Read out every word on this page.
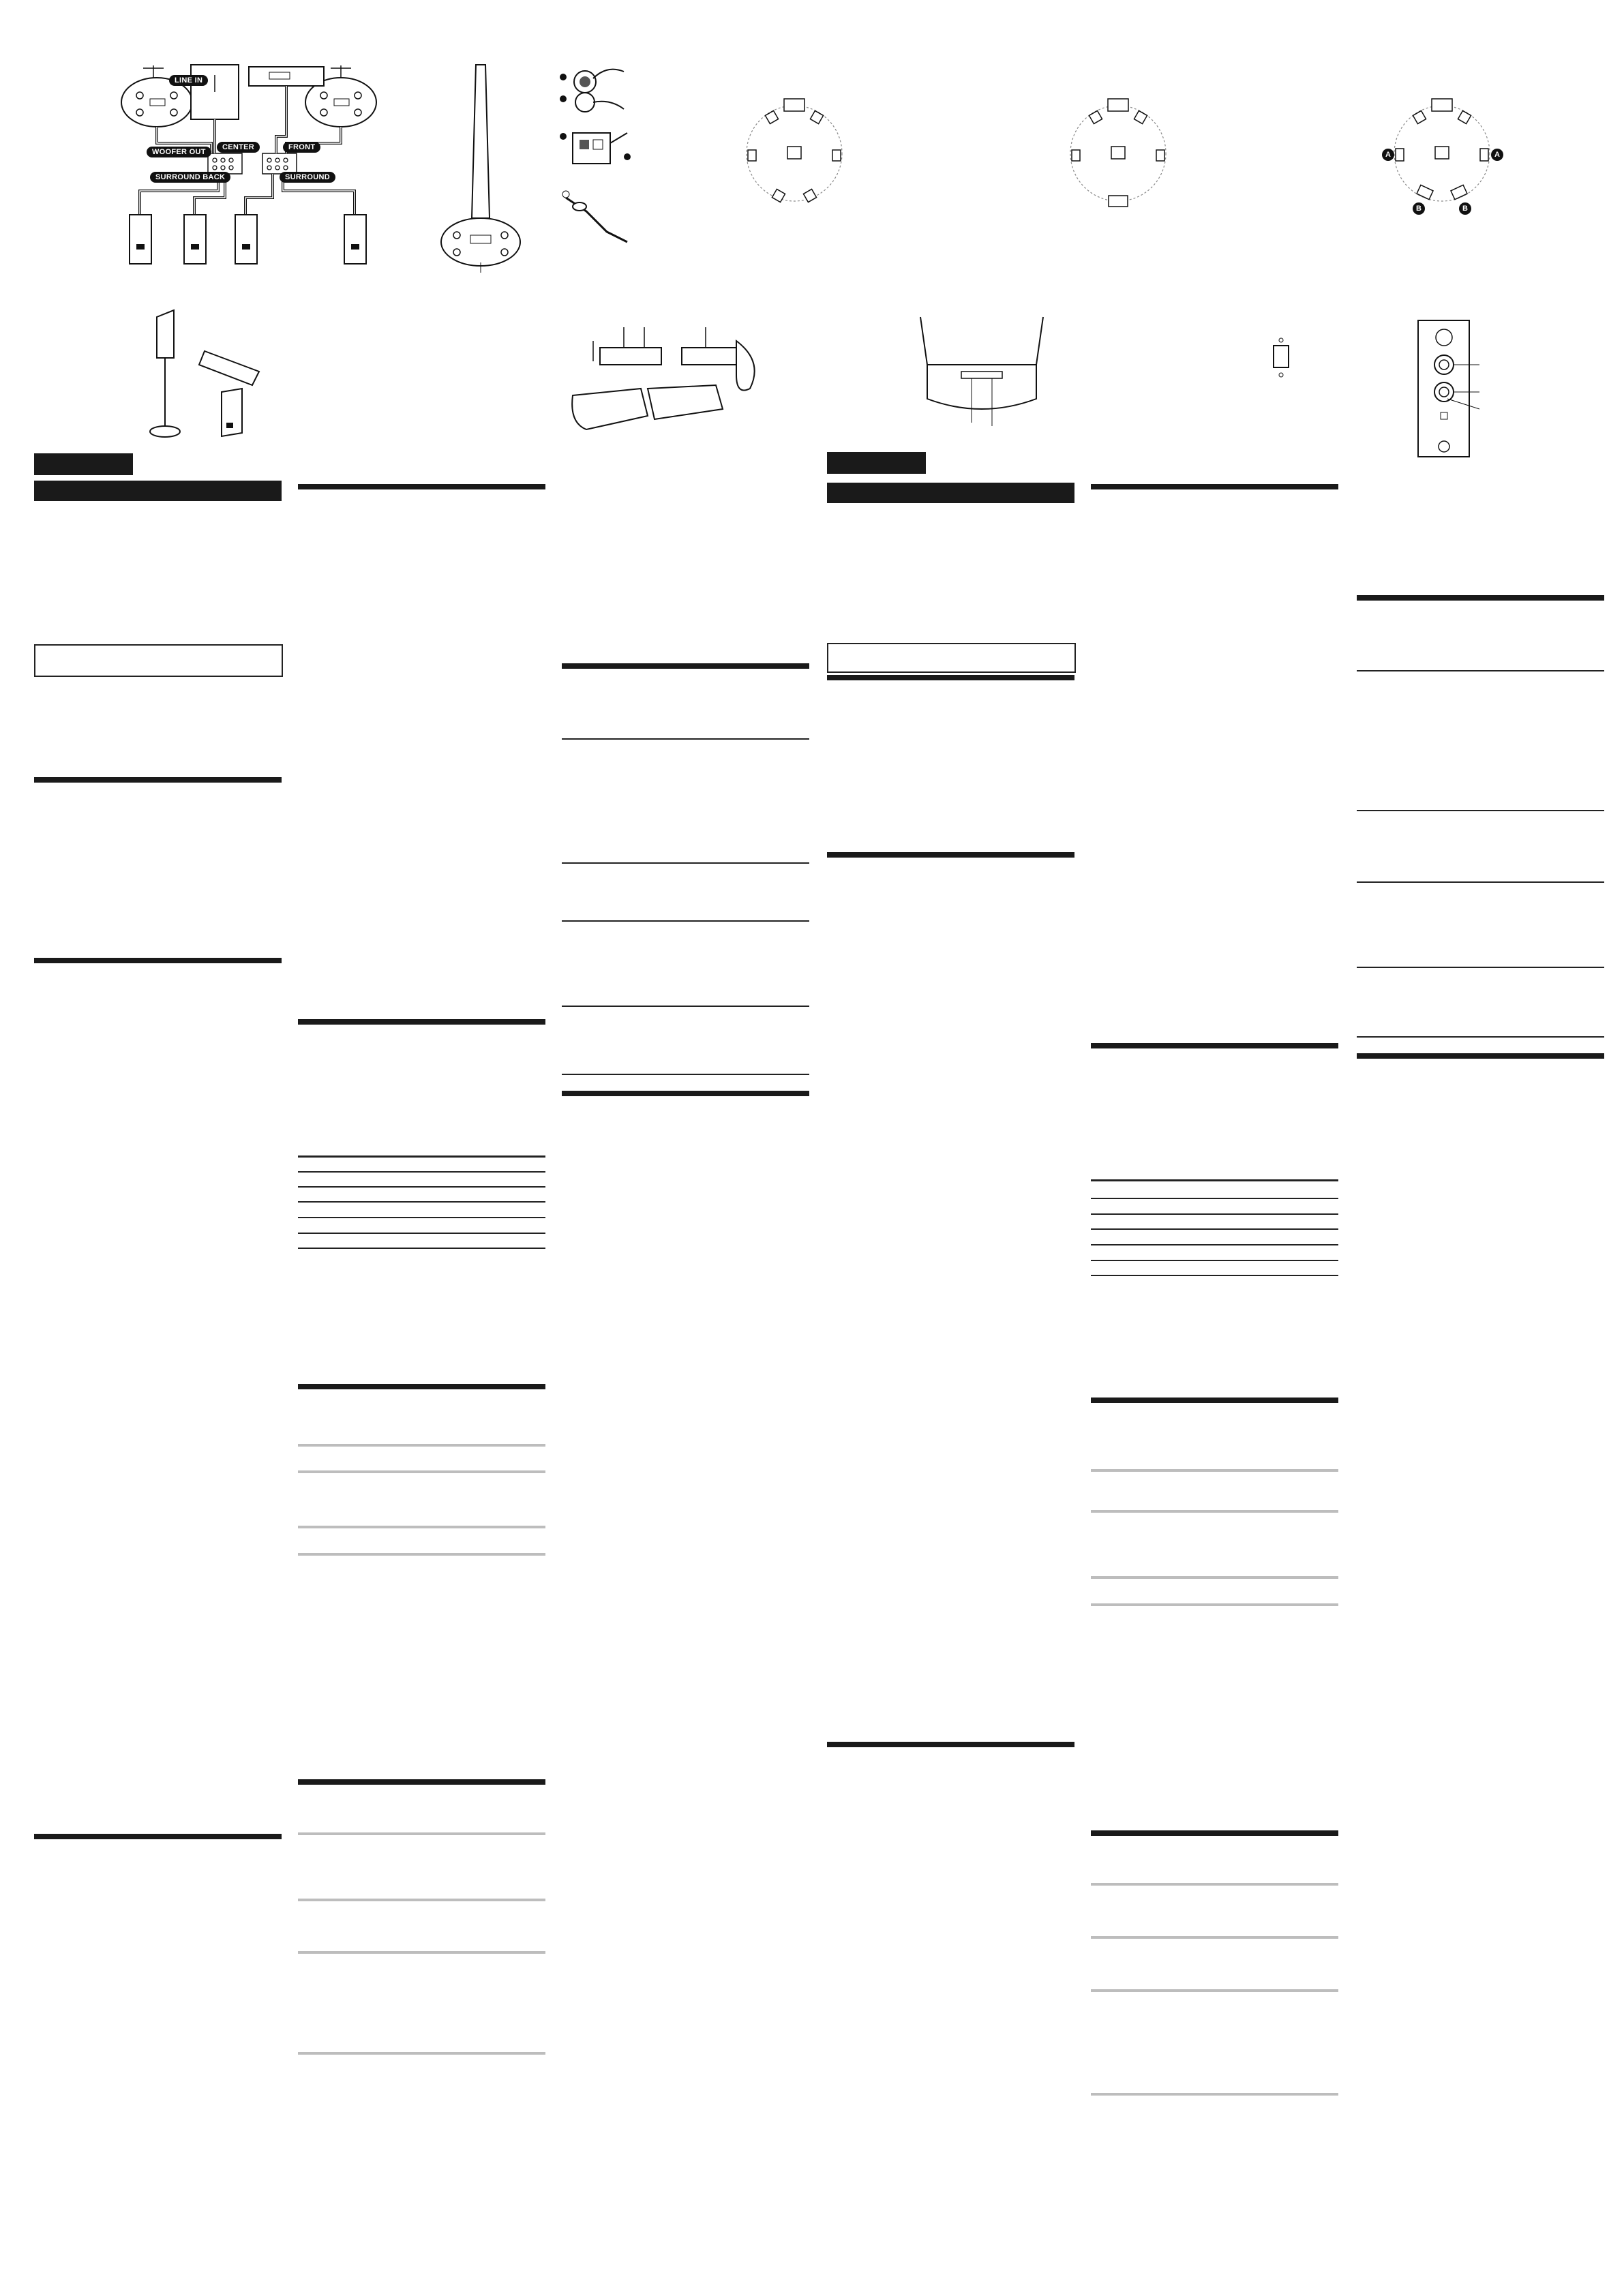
LINE IN
WOOFER OUT
CENTER	FRONT
SURROUND BACK	SURROUND
A	A
B	B
